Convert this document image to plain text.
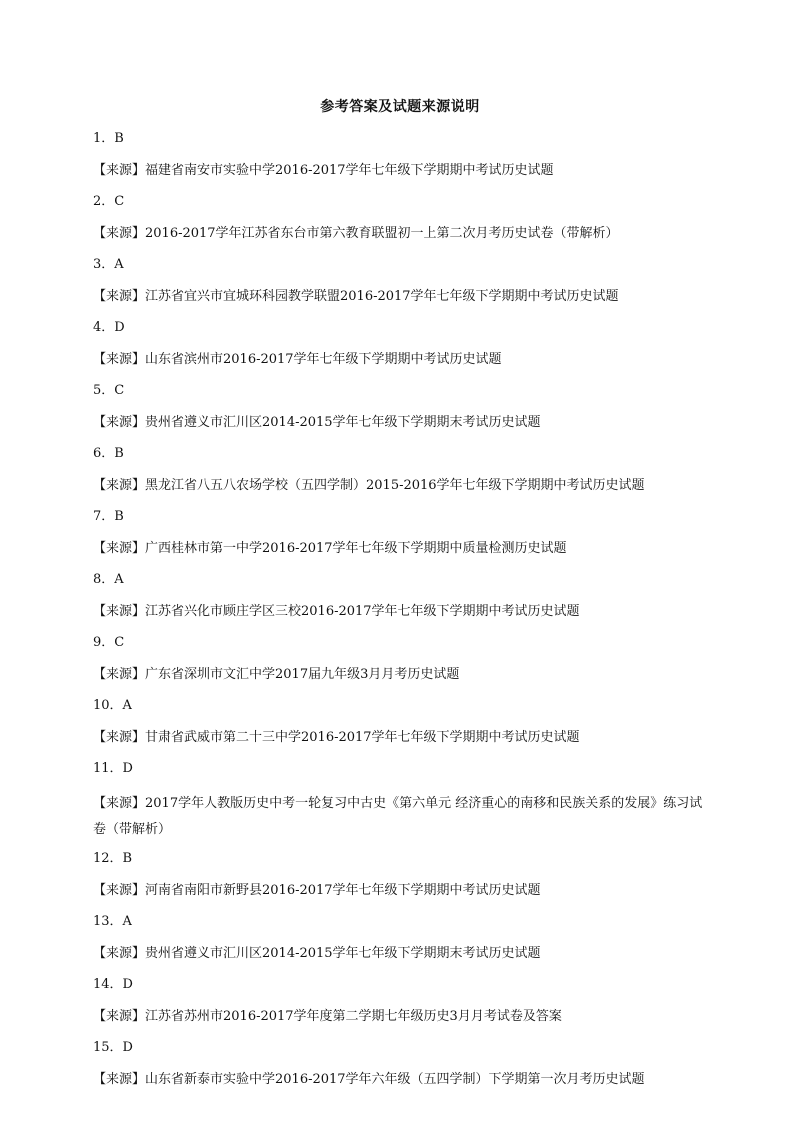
参考答案及试题来源说明
1．B
【来源】福建省南安市实验中学2016-2017学年七年级下学期期中考试历史试题
2．C
【来源】2016-2017学年江苏省东台市第六教育联盟初一上第二次月考历史试卷（带解析）
3．A
【来源】江苏省宜兴市宜城环科园教学联盟2016-2017学年七年级下学期期中考试历史试题
4．D
【来源】山东省滨州市2016-2017学年七年级下学期期中考试历史试题
5．C
【来源】贵州省遵义市汇川区2014-2015学年七年级下学期期末考试历史试题
6．B
【来源】黑龙江省八五八农场学校（五四学制）2015-2016学年七年级下学期期中考试历史试题
7．B
【来源】广西桂林市第一中学2016-2017学年七年级下学期期中质量检测历史试题
8．A
【来源】江苏省兴化市顾庄学区三校2016-2017学年七年级下学期期中考试历史试题
9．C
【来源】广东省深圳市文汇中学2017届九年级3月月考历史试题
10．A
【来源】甘肃省武威市第二十三中学2016-2017学年七年级下学期期中考试历史试题
11．D
【来源】2017学年人教版历史中考一轮复习中古史《第六单元 经济重心的南移和民族关系的发展》练习试卷（带解析）
12．B
【来源】河南省南阳市新野县2016-2017学年七年级下学期期中考试历史试题
13．A
【来源】贵州省遵义市汇川区2014-2015学年七年级下学期期末考试历史试题
14．D
【来源】江苏省苏州市2016-2017学年度第二学期七年级历史3月月考试卷及答案
15．D
【来源】山东省新泰市实验中学2016-2017学年六年级（五四学制）下学期第一次月考历史试题
